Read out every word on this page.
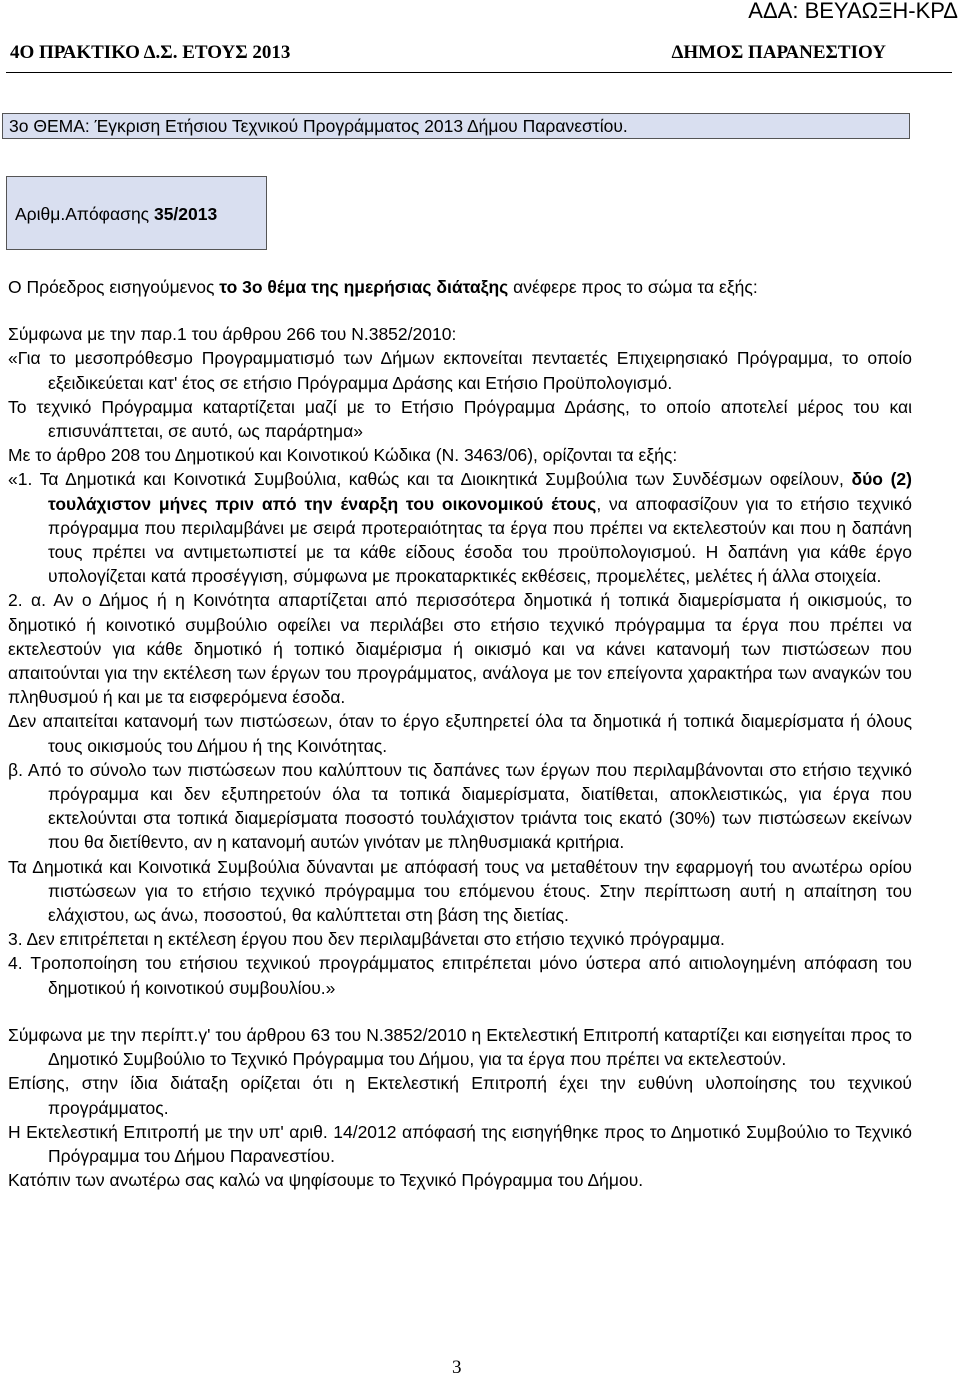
ΑΔΑ: ΒΕΥΑΩΞΗ-ΚΡΔ
4Ο ΠΡΑΚΤΙΚΟ Δ.Σ. ΕΤΟΥΣ 2013	ΔΗΜΟΣ ΠΑΡΑΝΕΣΤΙΟΥ
3ο ΘΕΜΑ: Έγκριση Ετήσιου Τεχνικού Προγράμματος 2013 Δήμου Παρανεστίου.
Αριθμ.Απόφασης 35/2013

Ο Πρόεδρος εισηγούμενος το 3ο θέμα της ημερήσιας διάταξης ανέφερε προς το σώμα τα εξής:

Σύμφωνα με την παρ.1 του άρθρου 266 του Ν.3852/2010:

«Για το μεσοπρόθεσμο Προγραμματισμό των Δήμων εκπονείται πενταετές Επιχειρησιακό Πρόγραμμα, το οποίο εξειδικεύεται κατ' έτος σε ετήσιο Πρόγραμμα Δράσης και Ετήσιο Προϋπολογισμό.

Το τεχνικό Πρόγραμμα καταρτίζεται μαζί με το Ετήσιο Πρόγραμμα Δράσης, το οποίο αποτελεί μέρος του και επισυνάπτεται, σε αυτό, ως παράρτημα»

Με το άρθρο 208 του Δημοτικού και Κοινοτικού Κώδικα (Ν. 3463/06), ορίζονται τα εξής:

«1. Τα Δημοτικά και Κοινοτικά Συμβούλια, καθώς και τα Διοικητικά Συμβούλια των Συνδέσμων οφείλουν, δύο (2) τουλάχιστον μήνες πριν από την έναρξη του οικονομικού έτους, να αποφασίζουν για το ετήσιο τεχνικό πρόγραμμα που περιλαμβάνει με σειρά προτεραιότητας τα έργα που πρέπει να εκτελεστούν και που η δαπάνη τους πρέπει να αντιμετωπιστεί με τα κάθε είδους έσοδα του προϋπολογισμού. Η δαπάνη για κάθε έργο υπολογίζεται κατά προσέγγιση, σύμφωνα με προκαταρκτικές εκθέσεις, προμελέτες, μελέτες ή άλλα στοιχεία.

2. α. Αν ο Δήμος ή η Κοινότητα απαρτίζεται από περισσότερα δημοτικά ή τοπικά διαμερίσματα ή οικισμούς, το δημοτικό ή κοινοτικό συμβούλιο οφείλει να περιλάβει στο ετήσιο τεχνικό πρόγραμμα τα έργα που πρέπει να εκτελεστούν για κάθε δημοτικό ή τοπικό διαμέρισμα ή οικισμό και να κάνει κατανομή των πιστώσεων που απαιτούνται για την εκτέλεση των έργων του προγράμματος, ανάλογα με τον επείγοντα χαρακτήρα των αναγκών του πληθυσμού ή και με τα εισφερόμενα έσοδα.

Δεν απαιτείται κατανομή των πιστώσεων, όταν το έργο εξυπηρετεί όλα τα δημοτικά ή τοπικά διαμερίσματα ή όλους τους οικισμούς του Δήμου ή της Κοινότητας.

β. Από το σύνολο των πιστώσεων που καλύπτουν τις δαπάνες των έργων που περιλαμβάνονται στο ετήσιο τεχνικό πρόγραμμα και δεν εξυπηρετούν όλα τα τοπικά διαμερίσματα, διατίθεται, αποκλειστικώς, για έργα που εκτελούνται στα τοπικά διαμερίσματα ποσοστό τουλάχιστον τριάντα τοις εκατό (30%) των πιστώσεων εκείνων που θα διετίθεντο, αν η κατανομή αυτών γινόταν με πληθυσμιακά κριτήρια.

Τα Δημοτικά και Κοινοτικά Συμβούλια δύνανται με απόφασή τους να μεταθέτουν την εφαρμογή του ανωτέρω ορίου πιστώσεων για το ετήσιο τεχνικό πρόγραμμα του επόμενου έτους. Στην περίπτωση αυτή η απαίτηση του ελάχιστου, ως άνω, ποσοστού, θα καλύπτεται στη βάση της διετίας.

3. Δεν επιτρέπεται η εκτέλεση έργου που δεν περιλαμβάνεται στο ετήσιο τεχνικό πρόγραμμα.

4. Τροποποίηση του ετήσιου τεχνικού προγράμματος επιτρέπεται μόνο ύστερα από αιτιολογημένη απόφαση του δημοτικού ή κοινοτικού συμβουλίου.»

Σύμφωνα με την περίπτ.γ' του άρθρου 63 του Ν.3852/2010 η Εκτελεστική Επιτροπή καταρτίζει και εισηγείται προς το Δημοτικό Συμβούλιο το Τεχνικό Πρόγραμμα του Δήμου, για τα έργα που πρέπει να εκτελεστούν.

Επίσης, στην ίδια διάταξη ορίζεται ότι η Εκτελεστική Επιτροπή έχει την ευθύνη υλοποίησης του τεχνικού προγράμματος.

Η Εκτελεστική Επιτροπή με την υπ' αριθ. 14/2012 απόφασή της εισηγήθηκε προς το Δημοτικό Συμβούλιο το Τεχνικό Πρόγραμμα του Δήμου Παρανεστίου.

Κατόπιν των ανωτέρω σας καλώ να ψηφίσουμε το Τεχνικό Πρόγραμμα του Δήμου.

3
